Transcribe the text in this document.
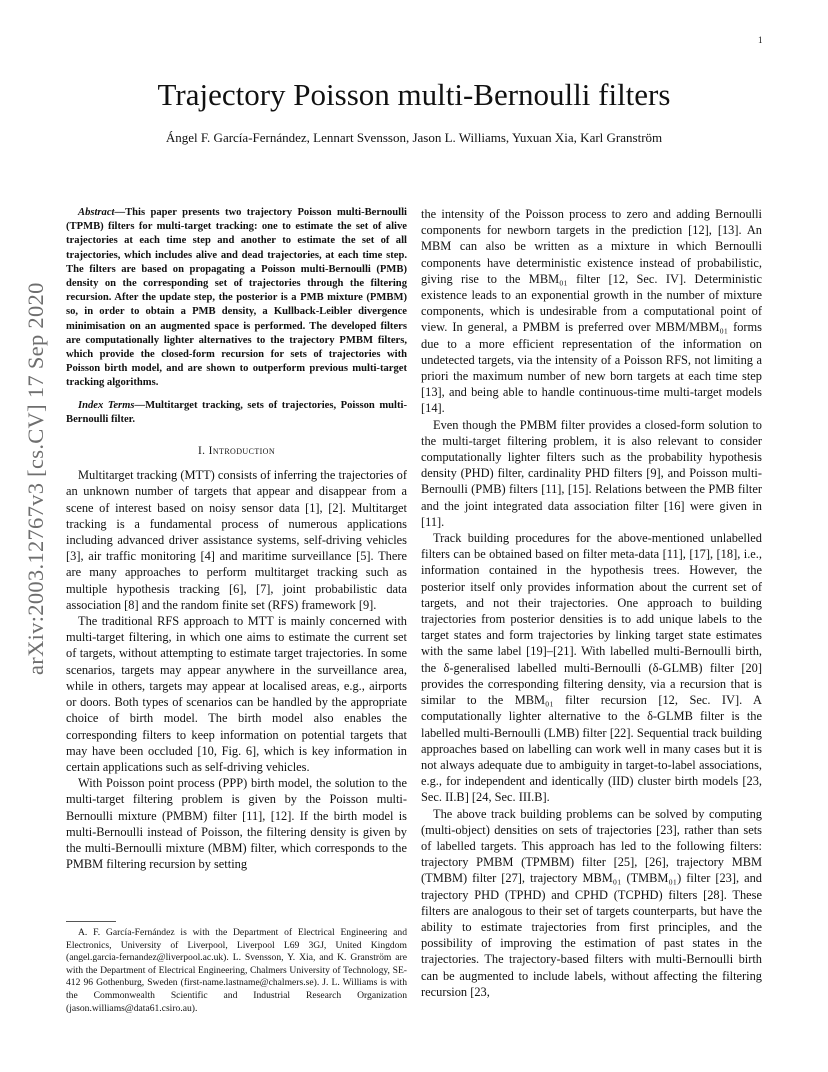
1
arXiv:2003.12767v3 [cs.CV] 17 Sep 2020
Trajectory Poisson multi-Bernoulli filters
Ángel F. García-Fernández, Lennart Svensson, Jason L. Williams, Yuxuan Xia, Karl Granström

Abstract—This paper presents two trajectory Poisson multi-Bernoulli (TPMB) filters for multi-target tracking: one to estimate the set of alive trajectories at each time step and another to estimate the set of all trajectories, which includes alive and dead trajectories, at each time step. The filters are based on propagating a Poisson multi-Bernoulli (PMB) density on the corresponding set of trajectories through the filtering recursion. After the update step, the posterior is a PMB mixture (PMBM) so, in order to obtain a PMB density, a Kullback-Leibler divergence minimisation on an augmented space is performed. The developed filters are computationally lighter alternatives to the trajectory PMBM filters, which provide the closed-form recursion for sets of trajectories with Poisson birth model, and are shown to outperform previous multi-target tracking algorithms.

Index Terms—Multitarget tracking, sets of trajectories, Poisson multi-Bernoulli filter.

I. Introduction

Multitarget tracking (MTT) consists of inferring the trajectories of an unknown number of targets that appear and disappear from a scene of interest based on noisy sensor data [1], [2]. Multitarget tracking is a fundamental process of numerous applications including advanced driver assistance systems, self-driving vehicles [3], air traffic monitoring [4] and maritime surveillance [5]. There are many approaches to perform multitarget tracking such as multiple hypothesis tracking [6], [7], joint probabilistic data association [8] and the random finite set (RFS) framework [9].

The traditional RFS approach to MTT is mainly concerned with multi-target filtering, in which one aims to estimate the current set of targets, without attempting to estimate target trajectories. In some scenarios, targets may appear anywhere in the surveillance area, while in others, targets may appear at localised areas, e.g., airports or doors. Both types of scenarios can be handled by the appropriate choice of birth model. The birth model also enables the corresponding filters to keep information on potential targets that may have been occluded [10, Fig. 6], which is key information in certain applications such as self-driving vehicles.

With Poisson point process (PPP) birth model, the solution to the multi-target filtering problem is given by the Poisson multi-Bernoulli mixture (PMBM) filter [11], [12]. If the birth model is multi-Bernoulli instead of Poisson, the filtering density is given by the multi-Bernoulli mixture (MBM) filter, which corresponds to the PMBM filtering recursion by setting

A. F. García-Fernández is with the Department of Electrical Engineering and Electronics, University of Liverpool, Liverpool L69 3GJ, United Kingdom (angel.garcia-fernandez@liverpool.ac.uk). L. Svensson, Y. Xia, and K. Granström are with the Department of Electrical Engineering, Chalmers University of Technology, SE-412 96 Gothenburg, Sweden (first-name.lastname@chalmers.se). J. L. Williams is with the Commonwealth Scientific and Industrial Research Organization (jason.williams@data61.csiro.au).

the intensity of the Poisson process to zero and adding Bernoulli components for newborn targets in the prediction [12], [13]. An MBM can also be written as a mixture in which Bernoulli components have deterministic existence instead of probabilistic, giving rise to the MBM₀₁ filter [12, Sec. IV]. Deterministic existence leads to an exponential growth in the number of mixture components, which is undesirable from a computational point of view. In general, a PMBM is preferred over MBM/MBM₀₁ forms due to a more efficient representation of the information on undetected targets, via the intensity of a Poisson RFS, not limiting a priori the maximum number of new born targets at each time step [13], and being able to handle continuous-time multi-target models [14].

Even though the PMBM filter provides a closed-form solution to the multi-target filtering problem, it is also relevant to consider computationally lighter filters such as the probability hypothesis density (PHD) filter, cardinality PHD filters [9], and Poisson multi-Bernoulli (PMB) filters [11], [15]. Relations between the PMB filter and the joint integrated data association filter [16] were given in [11].

Track building procedures for the above-mentioned unlabelled filters can be obtained based on filter meta-data [11], [17], [18], i.e., information contained in the hypothesis trees. However, the posterior itself only provides information about the current set of targets, and not their trajectories. One approach to building trajectories from posterior densities is to add unique labels to the target states and form trajectories by linking target state estimates with the same label [19]–[21]. With labelled multi-Bernoulli birth, the δ-generalised labelled multi-Bernoulli (δ-GLMB) filter [20] provides the corresponding filtering density, via a recursion that is similar to the MBM₀₁ filter recursion [12, Sec. IV]. A computationally lighter alternative to the δ-GLMB filter is the labelled multi-Bernoulli (LMB) filter [22]. Sequential track building approaches based on labelling can work well in many cases but it is not always adequate due to ambiguity in target-to-label associations, e.g., for independent and identically (IID) cluster birth models [23, Sec. II.B] [24, Sec. III.B].

The above track building problems can be solved by computing (multi-object) densities on sets of trajectories [23], rather than sets of labelled targets. This approach has led to the following filters: trajectory PMBM (TPMBM) filter [25], [26], trajectory MBM (TMBM) filter [27], trajectory MBM₀₁ (TMBM₀₁) filter [23], and trajectory PHD (TPHD) and CPHD (TCPHD) filters [28]. These filters are analogous to their set of targets counterparts, but have the ability to estimate trajectories from first principles, and the possibility of improving the estimation of past states in the trajectories. The trajectory-based filters with multi-Bernoulli birth can be augmented to include labels, without affecting the filtering recursion [23,
